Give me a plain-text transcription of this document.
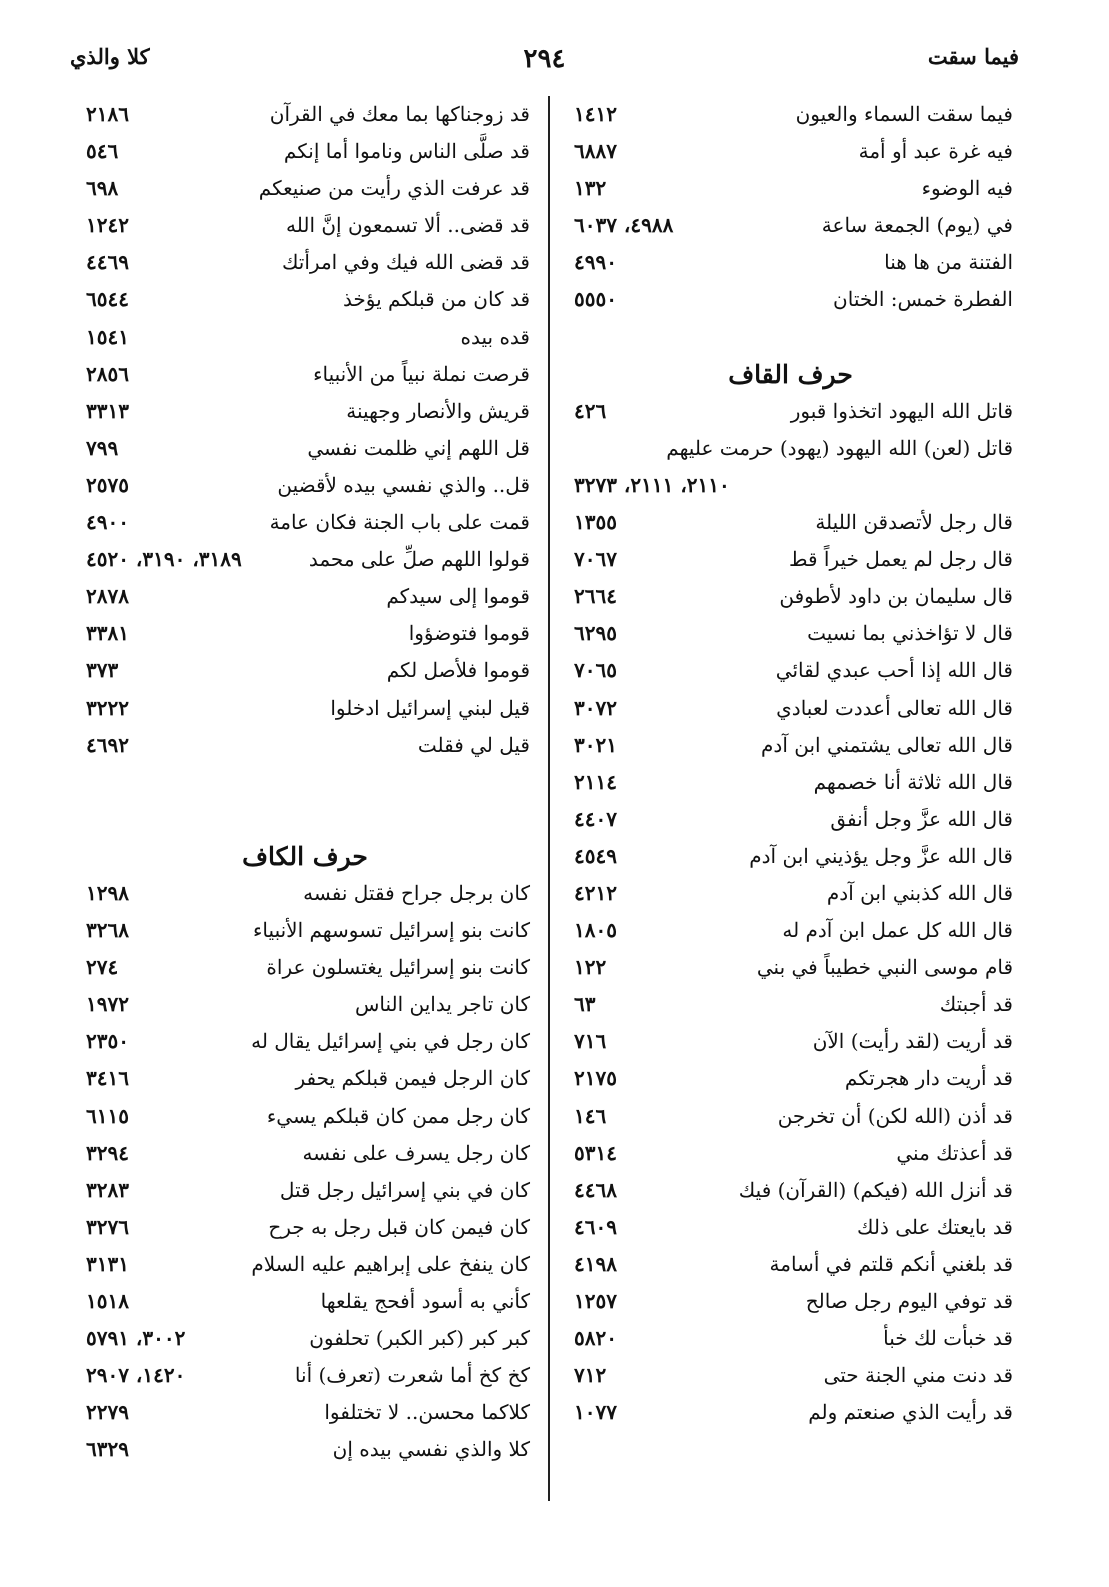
فيما سقت
٢٩٤
كلا والذي
فيما سقت السماء والعيون
١٤١٢
فيه غرة عبد أو أمة
٦٨٨٧
فيه الوضوء
١٣٢
في (يوم) الجمعة ساعة
٤٩٨٨، ٦٠٣٧
الفتنة من ها هنا
٤٩٩٠
الفطرة خمس: الختان
٥٥٥٠
حرف القاف
قاتل الله اليهود اتخذوا قبور
٤٢٦
قاتل (لعن) الله اليهود (يهود) حرمت عليهم
٢١١٠، ٢١١١، ٣٢٧٣
قال رجل لأتصدقن الليلة
١٣٥٥
قال رجل لم يعمل خيراً قط
٧٠٦٧
قال سليمان بن داود لأطوفن
٢٦٦٤
قال لا تؤاخذني بما نسيت
٦٢٩٥
قال الله إذا أحب عبدي لقائي
٧٠٦٥
قال الله تعالى أعددت لعبادي
٣٠٧٢
قال الله تعالى يشتمني ابن آدم
٣٠٢١
قال الله ثلاثة أنا خصمهم
٢١١٤
قال الله عزَّ وجل أنفق
٤٤٠٧
قال الله عزَّ وجل يؤذيني ابن آدم
٤٥٤٩
قال الله كذبني ابن آدم
٤٢١٢
قال الله كل عمل ابن آدم له
١٨٠٥
قام موسى النبي خطيباً في بني
١٢٢
قد أجبتك
٦٣
قد أريت (لقد رأيت) الآن
٧١٦
قد أريت دار هجرتكم
٢١٧٥
قد أذن (الله لكن) أن تخرجن
١٤٦
قد أعذتك مني
٥٣١٤
قد أنزل الله (فيكم) (القرآن) فيك
٤٤٦٨
قد بايعتك على ذلك
٤٦٠٩
قد بلغني أنكم قلتم في أسامة
٤١٩٨
قد توفي اليوم رجل صالح
١٢٥٧
قد خبأت لك خبأ
٥٨٢٠
قد دنت مني الجنة حتى
٧١٢
قد رأيت الذي صنعتم ولم
١٠٧٧
قد زوجناكها بما معك في القرآن
٢١٨٦
قد صلَّى الناس وناموا أما إنكم
٥٤٦
قد عرفت الذي رأيت من صنيعكم
٦٩٨
قد قضى.. ألا تسمعون إنَّ الله
١٢٤٢
قد قضى الله فيك وفي امرأتك
٤٤٦٩
قد كان من قبلكم يؤخذ
٦٥٤٤
قده بيده
١٥٤١
قرصت نملة نبياً من الأنبياء
٢٨٥٦
قريش والأنصار وجهينة
٣٣١٣
قل اللهم إني ظلمت نفسي
٧٩٩
قل.. والذي نفسي بيده لأقضين
٢٥٧٥
قمت على باب الجنة فكان عامة
٤٩٠٠
قولوا اللهم صلِّ على محمد
٣١٨٩، ٣١٩٠، ٤٥٢٠
قوموا إلى سيدكم
٢٨٧٨
قوموا فتوضؤوا
٣٣٨١
قوموا فلأصل لكم
٣٧٣
قيل لبني إسرائيل ادخلوا
٣٢٢٢
قيل لي فقلت
٤٦٩٢
حرف الكاف
كان برجل جراح فقتل نفسه
١٢٩٨
كانت بنو إسرائيل تسوسهم الأنبياء
٣٢٦٨
كانت بنو إسرائيل يغتسلون عراة
٢٧٤
كان تاجر يداين الناس
١٩٧٢
كان رجل في بني إسرائيل يقال له
٢٣٥٠
كان الرجل فيمن قبلكم يحفر
٣٤١٦
كان رجل ممن كان قبلكم يسيء
٦١١٥
كان رجل يسرف على نفسه
٣٢٩٤
كان في بني إسرائيل رجل قتل
٣٢٨٣
كان فيمن كان قبل رجل به جرح
٣٢٧٦
كان ينفخ على إبراهيم عليه السلام
٣١٣١
كأني به أسود أفحج يقلعها
١٥١٨
كبر كبر (كبر الكبر) تحلفون
٣٠٠٢، ٥٧٩١
كخ كخ أما شعرت (تعرف) أنا
١٤٢٠، ٢٩٠٧
كلاكما محسن.. لا تختلفوا
٢٢٧٩
كلا والذي نفسي بيده إن
٦٣٢٩
